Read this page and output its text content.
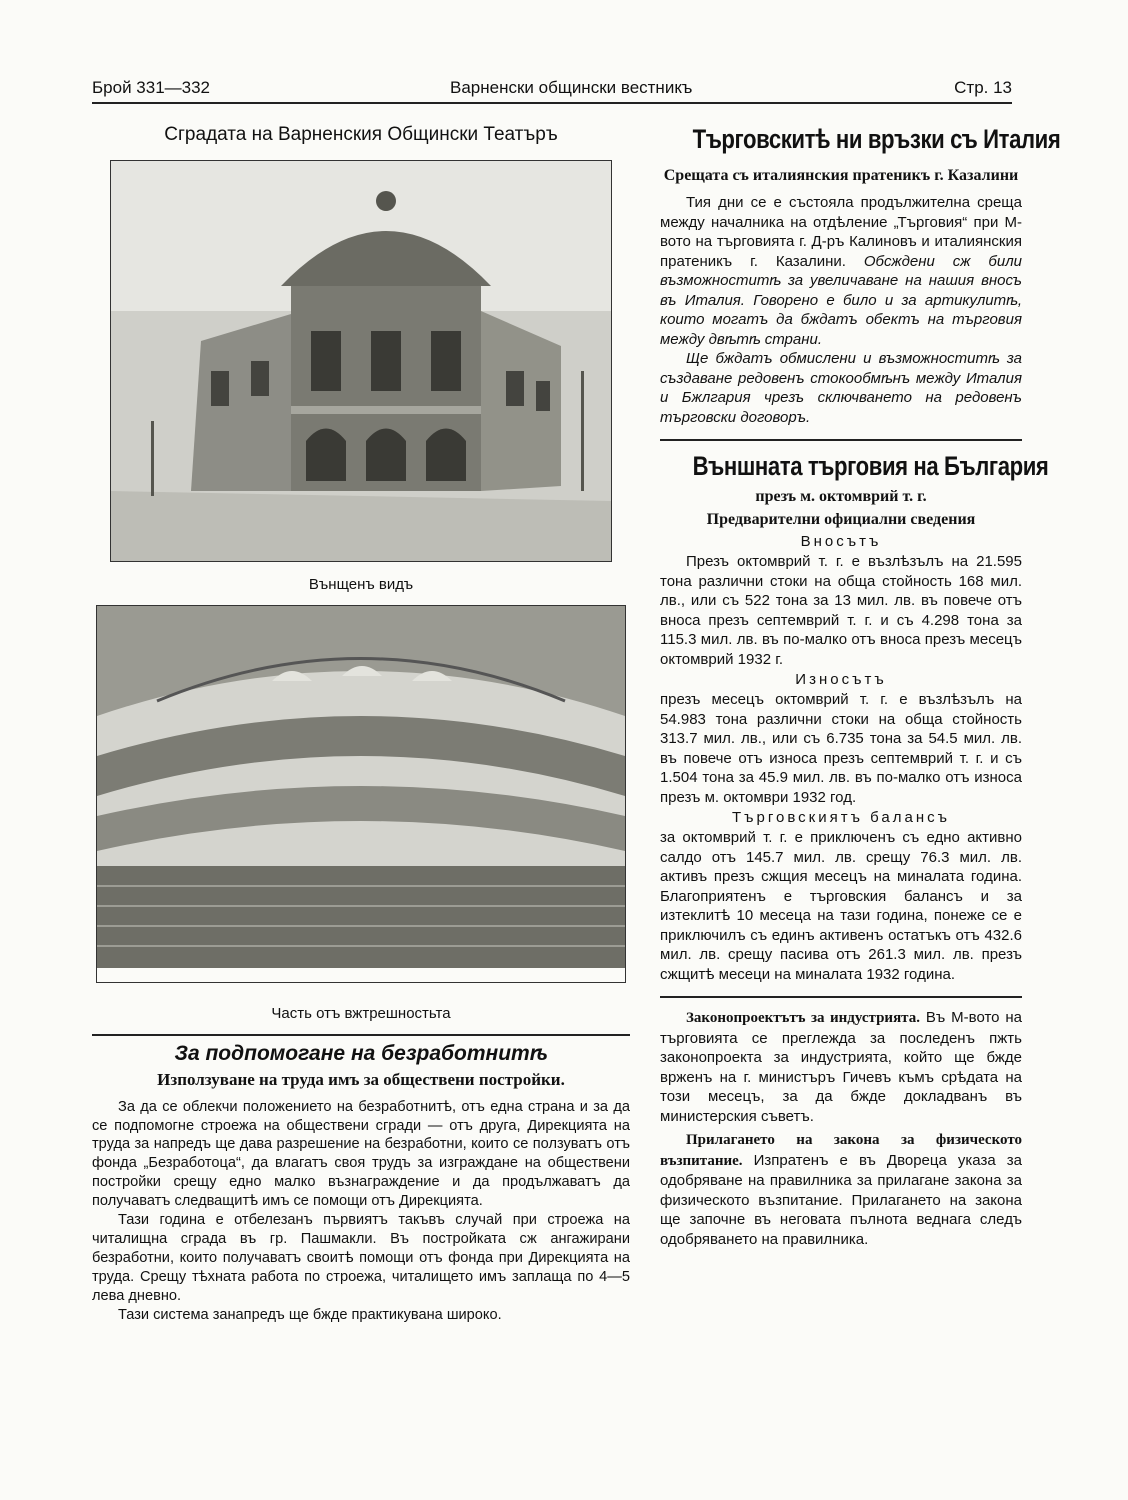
Брой 331—332	Варненски общински вестникъ	Стр. 13
Сградата на Варненския Общински Театъръ
Вънщенъ видъ
Часть отъ вжтрешностьта
За подпомогане на безработнитѣ
Използуване на труда имъ за обществени постройки.

За да се облекчи положението на безработнитѣ, отъ една страна и за да се подпомогне строежа на обществени сгради — отъ друга, Дирекцията на труда за напредъ ще дава разрешение на безработни, които се ползуватъ отъ фонда „Безработоца“, да влагатъ своя трудъ за изграждане на обществени постройки срещу едно малко възнаграждение и да продължаватъ да получаватъ следващитѣ имъ се помощи отъ Дирекцията.

Тази година е отбелезанъ първиятъ такъвъ случай при строежа на читалищна сграда въ гр. Пашмакли. Въ постройката сж ангажирани безработни, които получаватъ своитѣ помощи отъ фонда при Дирекцията на труда. Срещу тѣхната работа по строежа, читалището имъ заплаща по 4—5 лева дневно.

Тази система занапредъ ще бжде практикувана широко.

Търговскитѣ ни връзки съ Италия
Срещата съ италиянския пратеникъ г. Казалини

Тия дни се е състояла продължителна среща между началника на отдѣление „Търговия“ при М-вото на търговията г. Д-ръ Калиновъ и италиянския пратеникъ г. Казалини. Обсждени сж били възможноститѣ за увеличаване на нашия вносъ въ Италия. Говорено е било и за артикулитѣ, които могатъ да бждатъ обектъ на търговия между двѣтѣ страни.

Ще бждатъ обмислени и възможноститѣ за създаване редовенъ стокообмѣнъ между Италия и Бжлгария чрезъ сключването на редовенъ търговски договоръ.

Външната търговия на България
презъ м. октомврий т. г.
Предварителни официални сведения
Вносътъ

Презъ октомврий т. г. е възлѣзълъ на 21.595 тона различни стоки на обща стойность 168 мил. лв., или съ 522 тона за 13 мил. лв. въ повече отъ вноса презъ септемврий т. г. и съ 4.298 тона за 115.3 мил. лв. въ по-малко отъ вноса презъ месецъ октомврий 1932 г.

Износътъ

презъ месецъ октомврий т. г. е възлѣзълъ на 54.983 тона различни стоки на обща стойность 313.7 мил. лв., или съ 6.735 тона за 54.5 мил. лв. въ повече отъ износа презъ септемврий т. г. и съ 1.504 тона за 45.9 мил. лв. въ по-малко отъ износа презъ м. октомври 1932 год.

Търговскиятъ балансъ

за октомврий т. г. е приключенъ съ едно активно салдо отъ 145.7 мил. лв. срещу 76.3 мил. лв. активъ презъ сжщия месецъ на миналата година. Благоприятенъ е търговския балансъ и за изтеклитѣ 10 месеца на тази година, понеже се е приключилъ съ единъ активенъ остатъкъ отъ 432.6 мил. лв. срещу пасива отъ 261.3 мил. лв. презъ сжщитѣ месеци на миналата 1932 година.

Законопроектътъ за индустрията. Въ М-вото на търговията се преглежда за последенъ пжть законопроекта за индустрията, който ще бжде врженъ на г. министъръ Гичевъ къмъ срѣдата на този месецъ, за да бжде докладванъ въ министерския съветъ.

Прилагането на закона за физическото възпитание. Изпратенъ е въ Двореца указа за одобряване на правилника за прилагане закона за физическото възпитание. Прилагането на закона ще започне въ неговата пълнота веднага следъ одобряването на правилника.
